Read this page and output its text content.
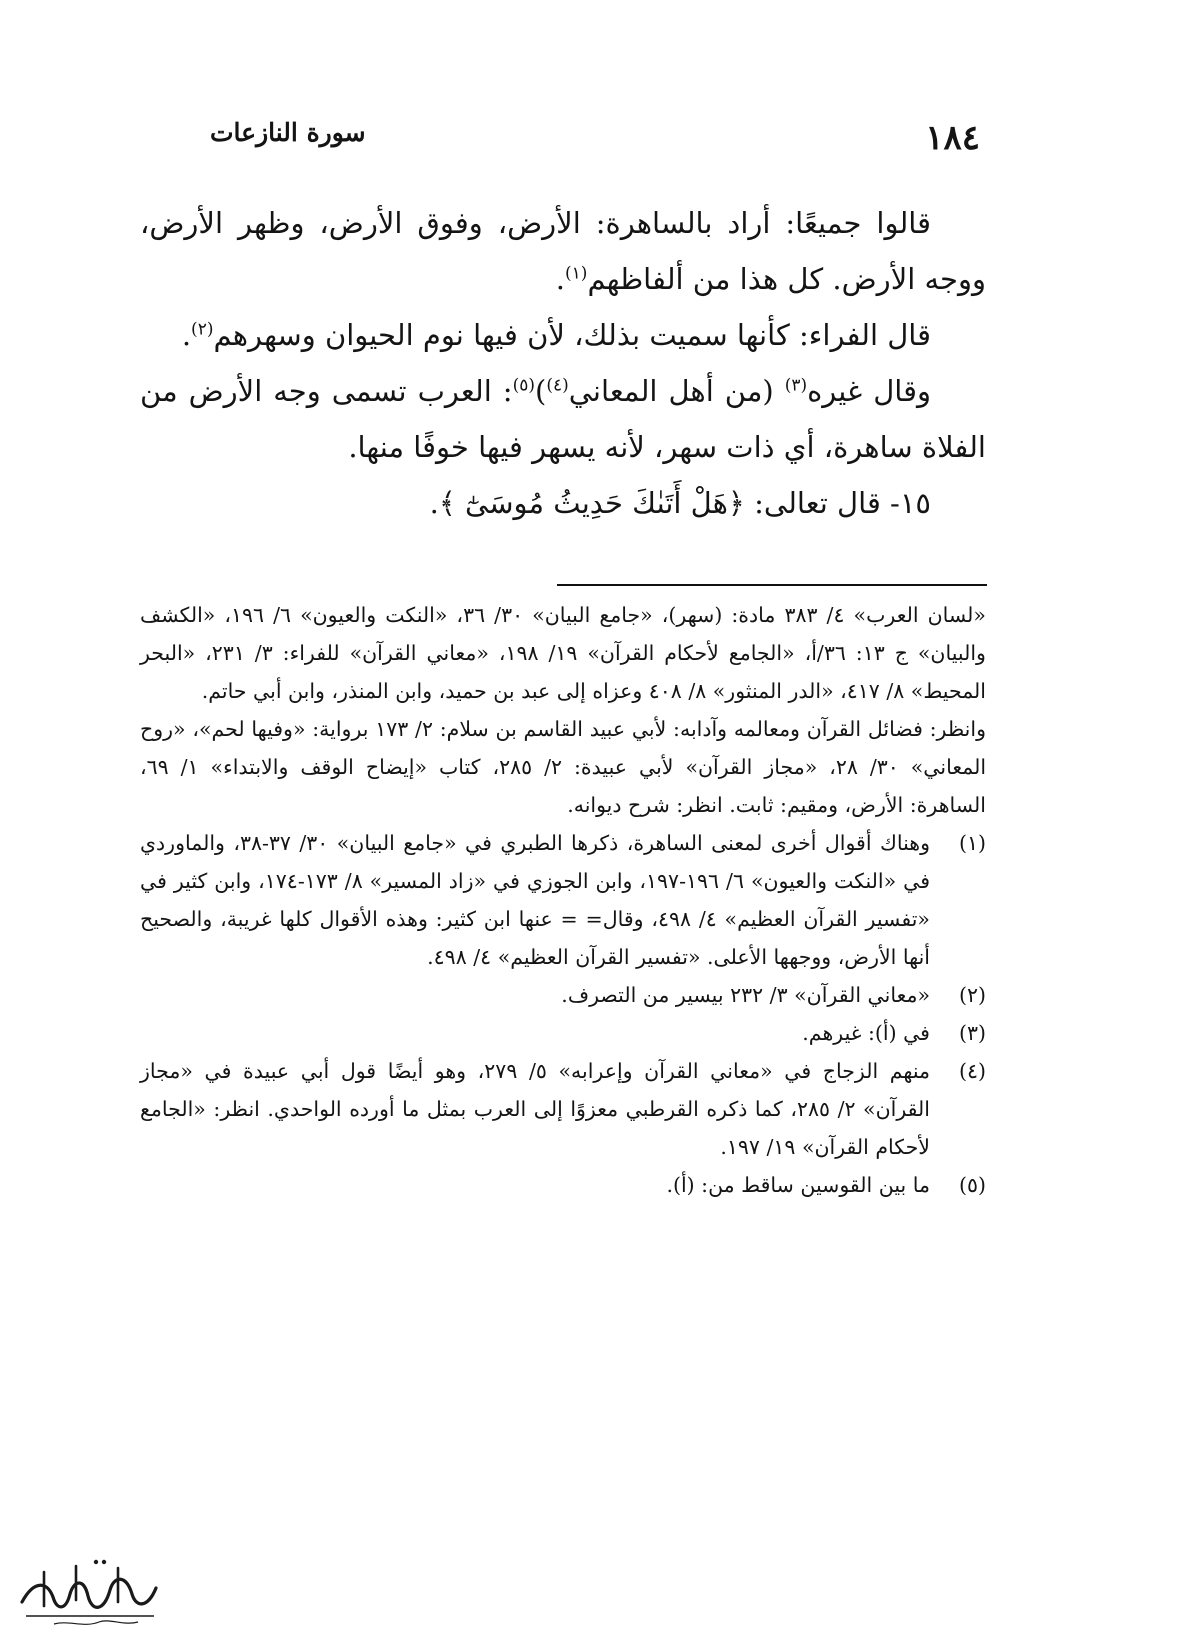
١٨٤
سورة النازعات

قالوا جميعًا: أراد بالساهرة: الأرض، وفوق الأرض، وظهر الأرض، ووجه الأرض. كل هذا من ألفاظهم$^{(١)}$.

قال الفراء: كأنها سميت بذلك، لأن فيها نوم الحيوان وسهرهم$^{(٢)}$.

وقال غيره$^{(٣)}$ (من أهل المعاني$^{(٤)}$)$^{(٥)}$: العرب تسمى وجه الأرض من الفلاة ساهرة، أي ذات سهر، لأنه يسهر فيها خوفًا منها.

١٥- قال تعالى: ﴿هَلْ أَتَىٰكَ حَدِيثُ مُوسَىٰٓ ﴾.

«لسان العرب» ٤/ ٣٨٣ مادة: (سهر)، «جامع البيان» ٣٠/ ٣٦، «النكت والعيون» ٦/ ١٩٦، «الكشف والبيان» ج ١٣: ٣٦/أ، «الجامع لأحكام القرآن» ١٩/ ١٩٨، «معاني القرآن» للفراء: ٣/ ٢٣١، «البحر المحيط» ٨/ ٤١٧، «الدر المنثور» ٨/ ٤٠٨ وعزاه إلى عبد بن حميد، وابن المنذر، وابن أبي حاتم.

وانظر: فضائل القرآن ومعالمه وآدابه: لأبي عبيد القاسم بن سلام: ٢/ ١٧٣ برواية: «وفيها لحم»، «روح المعاني» ٣٠/ ٢٨، «مجاز القرآن» لأبي عبيدة: ٢/ ٢٨٥، كتاب «إيضاح الوقف والابتداء» ١/ ٦٩، الساهرة: الأرض، ومقيم: ثابت. انظر: شرح ديوانه.

(١)
وهناك أقوال أخرى لمعنى الساهرة، ذكرها الطبري في «جامع البيان» ٣٠/ ٣٧-٣٨، والماوردي في «النكت والعيون» ٦/ ١٩٦-١٩٧، وابن الجوزي في «زاد المسير» ٨/ ١٧٣-١٧٤، وابن كثير في «تفسير القرآن العظيم» ٤/ ٤٩٨، وقال= = عنها ابن كثير: وهذه الأقوال كلها غريبة، والصحيح أنها الأرض، ووجهها الأعلى. «تفسير القرآن العظيم» ٤/ ٤٩٨.

(٢)
«معاني القرآن» ٣/ ٢٣٢ بيسير من التصرف.

(٣)
في (أ): غيرهم.

(٤)
منهم الزجاج في «معاني القرآن وإعرابه» ٥/ ٢٧٩، وهو أيضًا قول أبي عبيدة في «مجاز القرآن» ٢/ ٢٨٥، كما ذكره القرطبي معزوًا إلى العرب بمثل ما أورده الواحدي. انظر: «الجامع لأحكام القرآن» ١٩/ ١٩٧.

(٥)
ما بين القوسين ساقط من: (أ).
